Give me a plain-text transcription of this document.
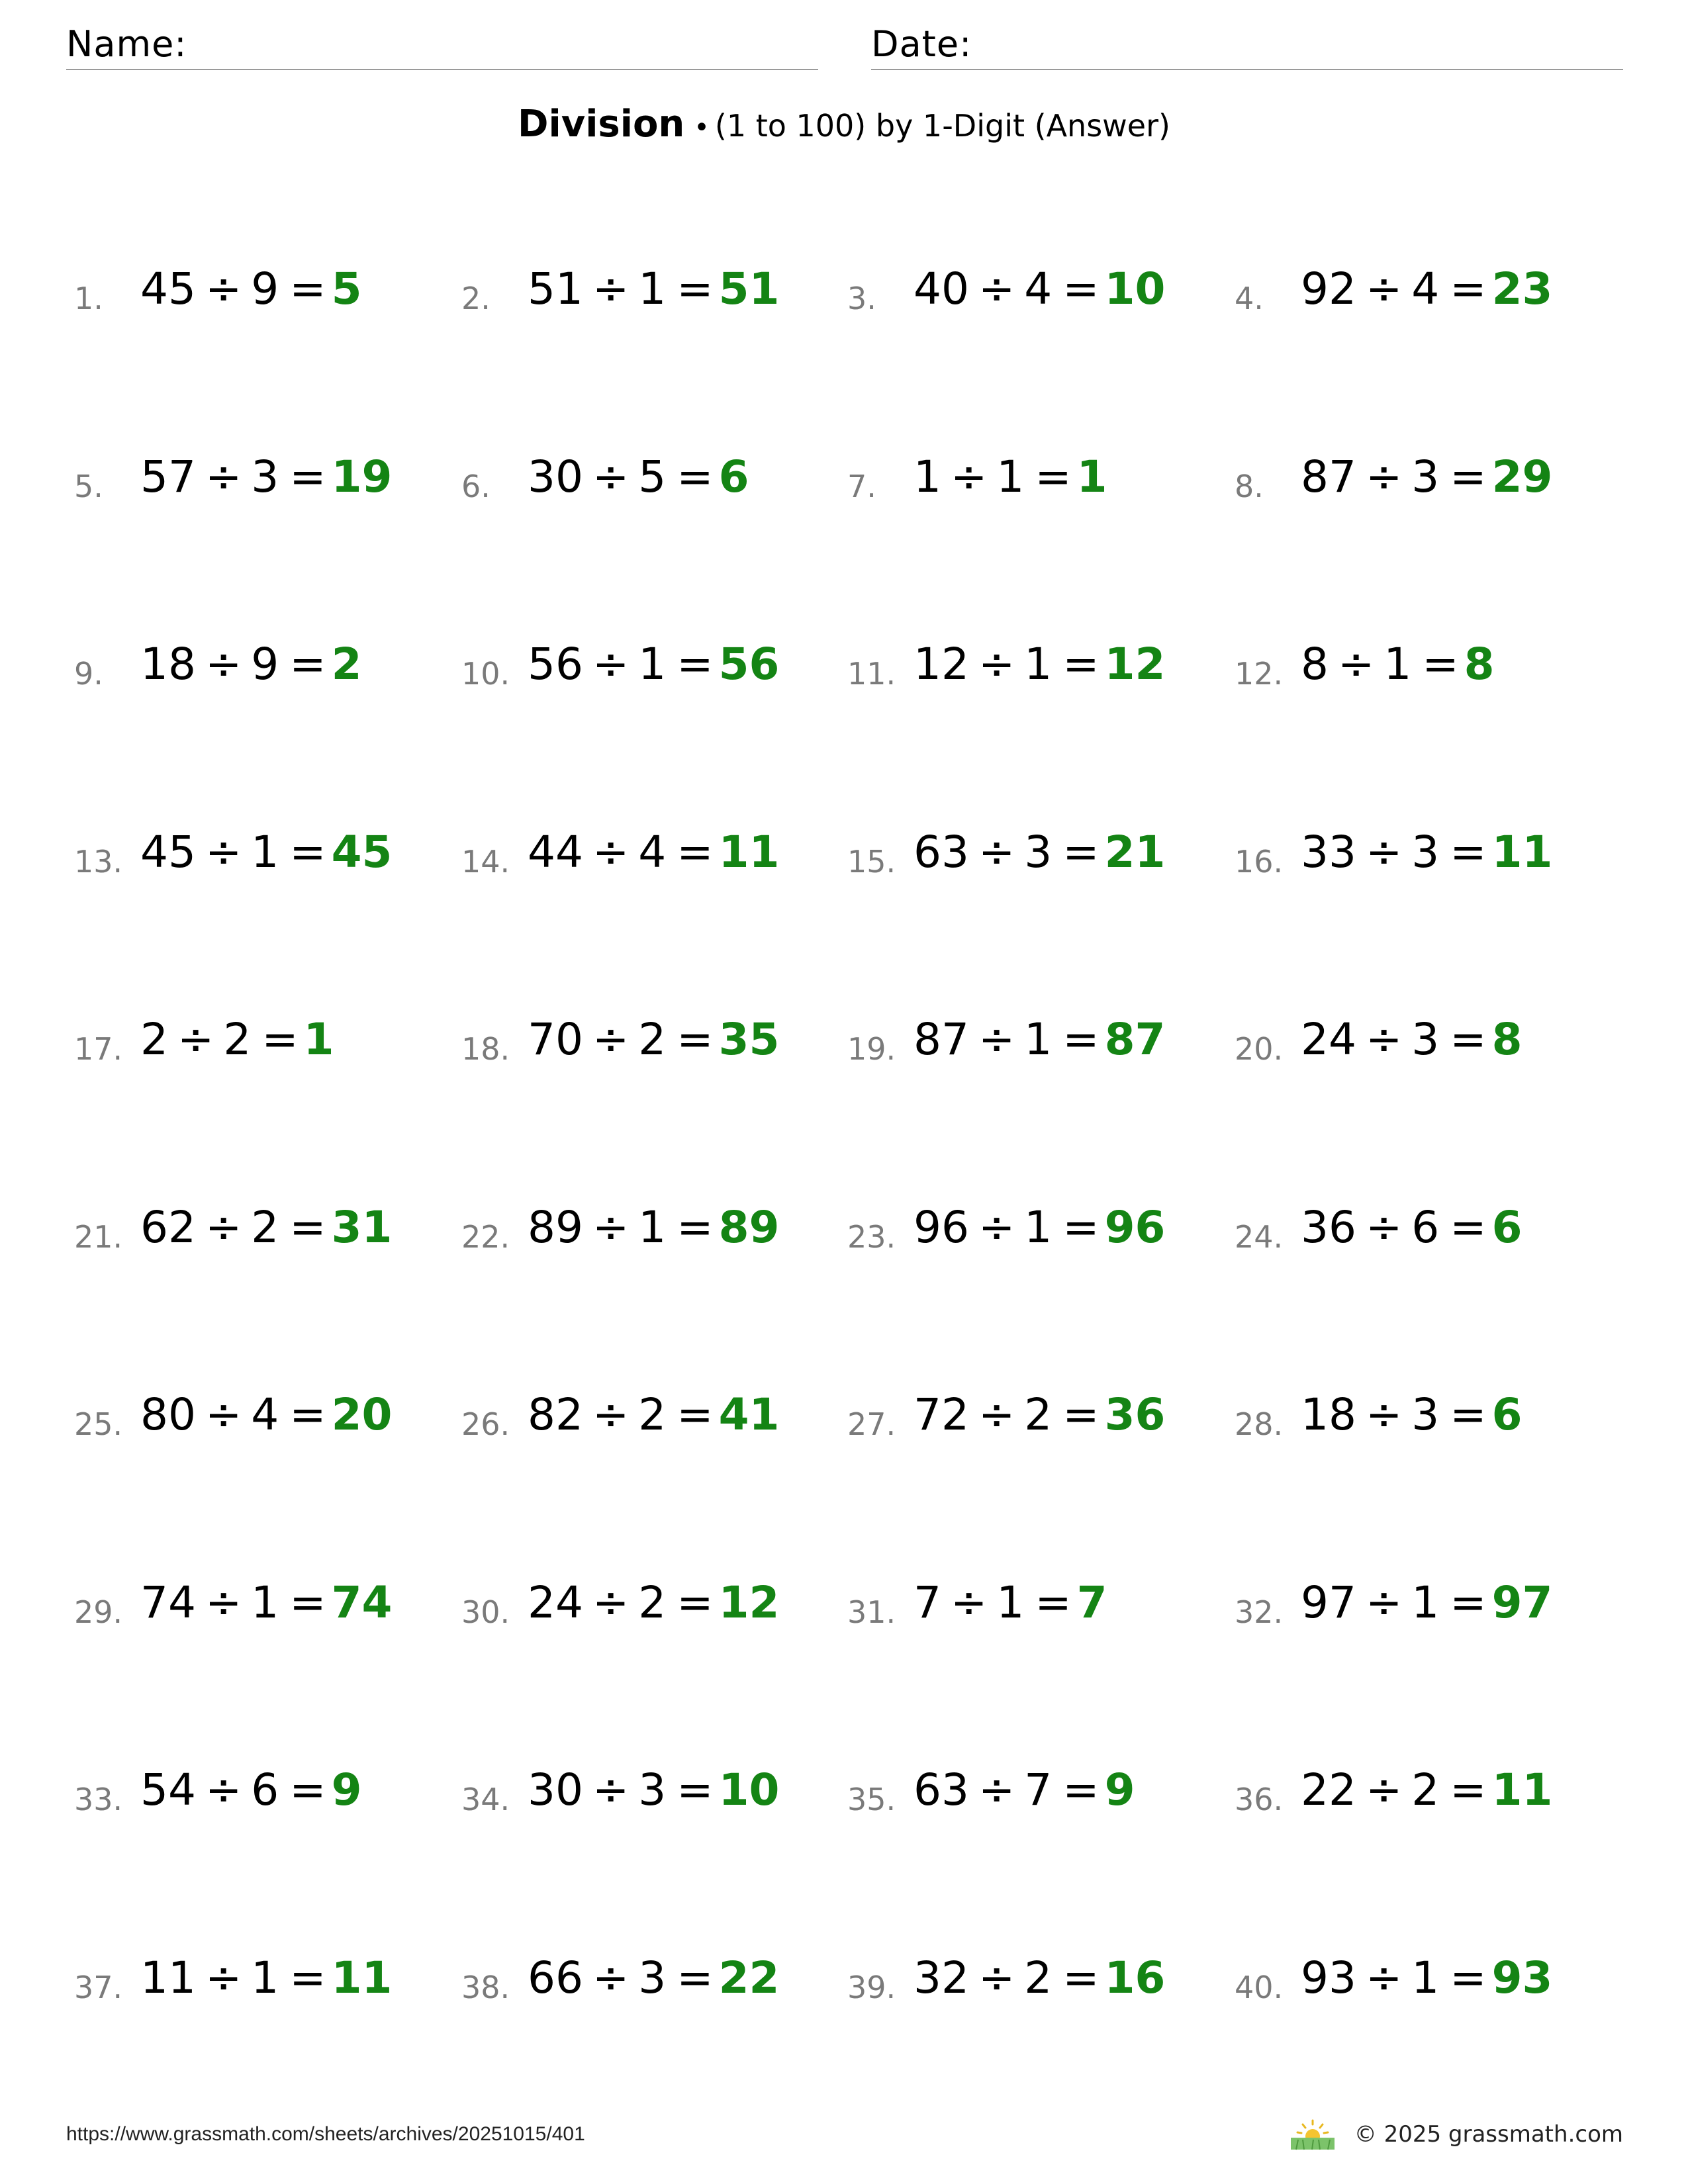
Name:	Date:
Division • (1 to 100) by 1-Digit (Answer)
1. 45 ÷ 9 = 5	2. 51 ÷ 1 = 51 3. 40 ÷ 4 = 10 4. 92 ÷ 4 = 23
5. 57 ÷ 3 = 19 6. 30 ÷ 5 = 6	7. 1 ÷ 1 = 1	8. 87 ÷ 3 = 29
9. 18 ÷ 9 = 2	10. 56 ÷ 1 = 56 11. 12 ÷ 1 = 12 12. 8 ÷ 1 = 8
13. 45 ÷ 1 = 45 14. 44 ÷ 4 = 11 15. 63 ÷ 3 = 21 16. 33 ÷ 3 = 11
17. 2 ÷ 2 = 1	18. 70 ÷ 2 = 35 19. 87 ÷ 1 = 87 20. 24 ÷ 3 = 8
21. 62 ÷ 2 = 31 22. 89 ÷ 1 = 89 23. 96 ÷ 1 = 96 24. 36 ÷ 6 = 6
25. 80 ÷ 4 = 20 26. 82 ÷ 2 = 41 27. 72 ÷ 2 = 36 28. 18 ÷ 3 = 6
29. 74 ÷ 1 = 74 30. 24 ÷ 2 = 12 31. 7 ÷ 1 = 7	32. 97 ÷ 1 = 97
33. 54 ÷ 6 = 9	34. 30 ÷ 3 = 10 35. 63 ÷ 7 = 9	36. 22 ÷ 2 = 11
37. 11 ÷ 1 = 11 38. 66 ÷ 3 = 22 39. 32 ÷ 2 = 16 40. 93 ÷ 1 = 93
https://www.grassmath.com/sheets/archives/20251015/401	© 2025 grassmath.com
